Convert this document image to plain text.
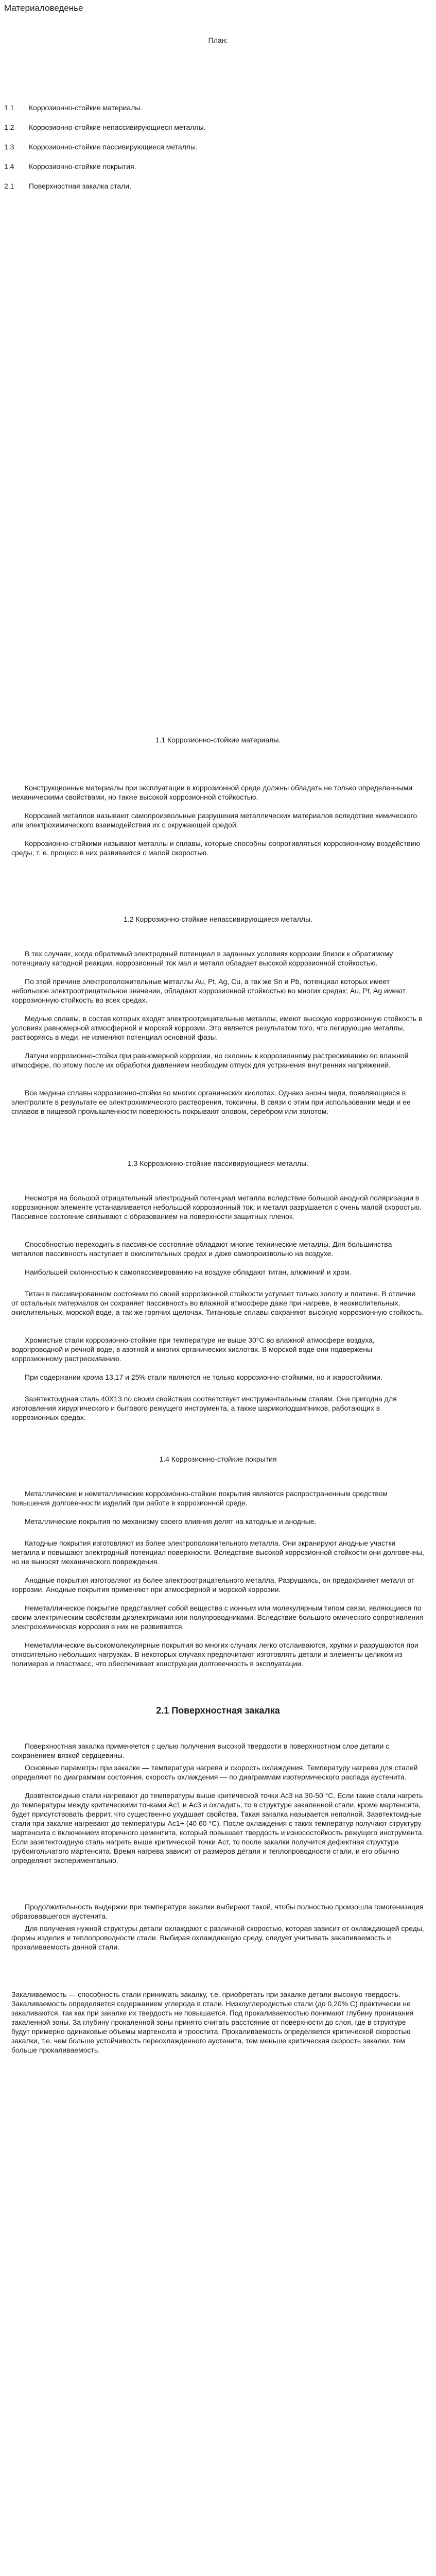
Материаловеденье
План:
1.1	Коррозионно-стойкие материалы.
1.2	Коррозионно-стойкие непассивирующиеся металлы.
1.3	Коррозионно-стойкие пассивирующиеся металлы.
1.4	Коррозионно-стойкие покрытия.
2.1	Поверхностная закалка стали.
1.1 Коррозионно-стойкие материалы.

Конструкционные материалы при эксплуатации в коррозионной среде должны обладать не только определенными механическими свойствами, но также высокой коррозионной стойкостью.

Коррозией металлов называют самопроизвольные разрушения металлических материалов вследствие химического или электрохимического взаимодействия их с окружающей средой.

Коррозионно-стойкими называют металлы и сплавы, которые способны сопротивляться коррозионному воздействию среды, т. е. процесс в них развивается с малой скоростью.

1.2 Коррозионно-стойкие непассивирующиеся металлы.

В тех случаях, когда обратимый электродный потенциал в заданных условиях коррозии близок к обратимому потенциалу катодной реакции, коррозионный ток мал и металл обладает высокой коррозионной стойкостью.

По этой причине электроположительные металлы Au, Pt, Ag, Cu, а так же Sn и Pb, потенциал которых имеет небольшое электроотрицательное значение, обладают коррозионной стойкостью во многих средах; Au, Pt, Ag имеют коррозионную стойкость во всех средах.

Медные сплавы, в состав которых входят электроотрицательные металлы, имеют высокую коррозионную стойкость в условиях равномерной атмосферной и морской коррозии. Это является результатом того, что легирующие металлы, растворяясь в меди, не изменяют потенциал основной фазы.

Латуни коррозионно-стойки при равномерной коррозии, но склонны к коррозионному растрескиванию во влажной атмосфере, по этому после их обработки давлением необходим отпуск для устранения внутренних напряжений.

Все медные сплавы коррозионно-стойки во многих органических кислотах. Однако аноны меди, появляющиеся в электролите в результате ее электрохимического растворения, токсичны. В связи с этим при использовании меди и ее сплавов в пищевой промышленности поверхность покрывают оловом, серебром или золотом.

1.3 Коррозионно-стойкие пассивирующиеся металлы.

Несмотря на большой отрицательный электродный потенциал металла вследствие большой анодной поляризации в коррозионном элементе устанавливается небольшой коррозионный ток, и металл разрушается с очень малой скоростью. Пассивное состояние связывают с образованием на поверхности защитных пленок.

Способностью переходить в пассивное состояние обладают многие технические металлы. Для большинства металлов пассивность наступает в окислительных средах и даже самопроизвольно на воздухе.

Наибольшей склонностью к самопассивированию на воздухе обладают титан, алюминий и хром.

Титан в пассивированном состоянии по своей коррозионной стойкости уступает только золоту и платине. В отличие от остальных материалов он сохраняет пассивность во влажной атмосфере даже при нагреве, в неокислительных, окислительных, морской воде, а так же горячих щелочах. Титановые сплавы сохраняют высокую коррозионную стойкость.

Хромистые стали коррозионно-стойкие при температуре не выше 30°C во влажной атмосфере воздуха, водопроводной и речной воде, в азотной и многих органических кислотах. В морской воде они подвержены коррозионному растрескиванию.

При содержании хрома 13,17 и 25% стали являются не только коррозионно-стойкими, но и жаростойкими.

Заэвтектоидная сталь 40Х13 по своим свойствам соответствует инструментальным сталям. Она пригодна для изготовления хирургического и бытового режущего инструмента, а также шарикоподшипников, работающих в коррозионных средах.

1.4 Коррозионно-стойкие покрытия

Металлические и неметаллические коррозионно-стойкие покрытия являются распространенным средством повышения долговечности изделий при работе в коррозионной среде.

Металлические покрытия по механизму своего влияния делят на катодные и анодные.

Катодные покрытия изготовляют из более электроположительного металла. Они экранируют анодные участки металла и повышают электродный потенциал поверхности. Вследствие высокой коррозионной стойкости они долговечны, но не выносят механического повреждения.

Анодные покрытия изготовляют из более электроотрицательного металла. Разрушаясь, он предохраняет металл от коррозии. Анодные покрытия применяют при атмосферной и морской коррозии.

Неметаллическое покрытие представляет собой вещества с ионным или молекулярным типом связи, являющиеся по своим электрическим свойствам диэлектриками или полупроводниками. Вследствие большого омического сопротивления электрохимическая коррозия в них не развивается.

Неметаллические высокомолекулярные покрытия во многих случаях легко отслаиваются, хрупки и разрушаются при относительно небольших нагрузках. В некоторых случаях предпочитают изготовлять детали и элементы целиком из полимеров и пластмасс, что обеспечивает конструкции долговечность в эксплуатации.

2.1 Поверхностная закалка

Поверхностная закалка применяется с целью получения высокой твердости в поверхностном слое детали с сохранением вязкой сердцевины.

Основные параметры при закалке — температура нагрева и скорость охлаждения. Температуру нагрева для сталей определяют по диаграммам состояния, скорость охлаждения — по диаграммам изотермического распада аустенита.

Доэвтектоидные стали нагревают до температуры выше критической точки Ac3 на 30-50 °C. Если такие стали нагреть до температуры между критическими точками Ac1 и Ac3 и охладить, то в структуре закаленной стали, кроме мартенсита, будет присутствовать феррит, что существенно ухудшает свойства. Такая закалка называется неполной. Заэвтектоидные стали при закалке нагревают до температуры Ac1+ (40 60 °C). После охлаждения с таких температур получают структуру мартенсита с включением вторичного цементита, который повышает твердость и износостойкость режущего инструмента. Если заэвтектоидную сталь нагреть выше критической точки Acт, то после закалки получится дефектная структура грубоигольчатого мартенсита. Время нагрева зависит от размеров детали и теплопроводности стали, и его обычно определяют экспериментально.

Продолжительность выдержки при температуре закалки выбирают такой, чтобы полностью произошла гомогенизация образовавшегося аустенита.

Для получения нужной структуры детали охлаждают с различной скоростью, которая зависит от охлаждающей среды, формы изделия и теплопроводности стали. Выбирая охлаждающую среду, следует учитывать закаливаемость и прокаливаемость данной стали.

Закаливаемость — способность стали принимать закалку, т.е. приобретать при закалке детали высокую твердость. Закаливаемость определяется содержанием углерода в стали. Низкоуглеродистые стали (до 0,20% C) практически не закаливаются, так как при закалке их твердость не повышается. Под прокаливаемостью понимают глубину проникания закаленной зоны. За глубину прокаленной зоны принято считать расстояние от поверхности до слоя, где в структуре будут примерно одинаковые объемы мартенсита и троостита. Прокаливаемость определяется критической скоростью закалки, т.е. чем больше устойчивость переохлажденного аустенита, тем меньше критическая скорость закалки, тем больше прокаливаемость.
